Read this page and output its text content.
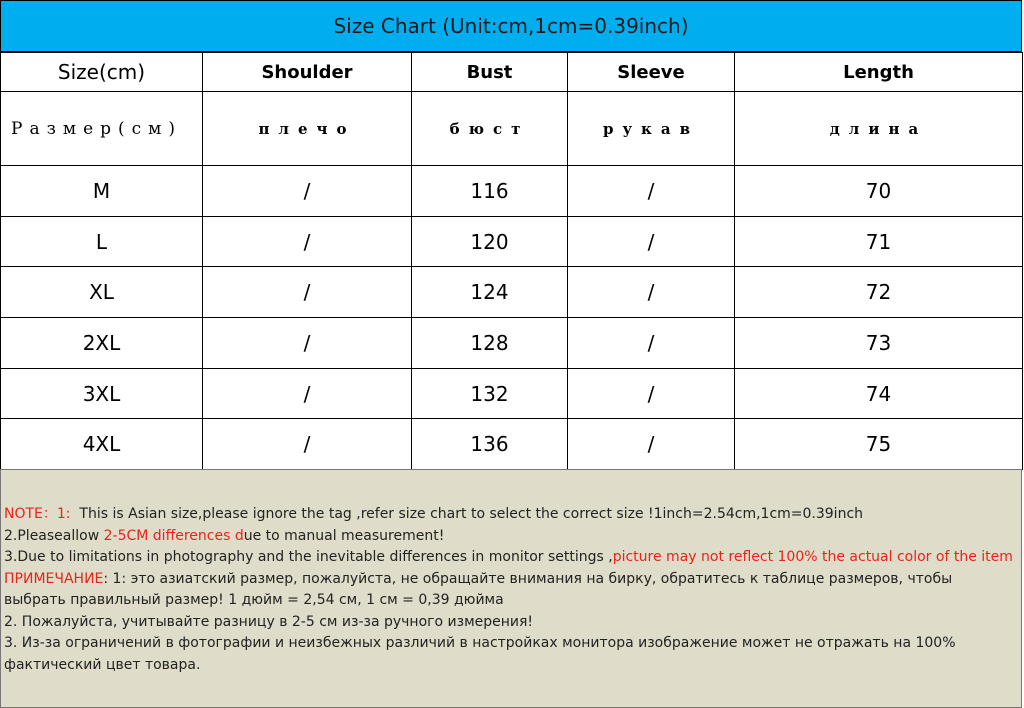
Size Chart (Unit:cm,1cm=0.39inch)
Size(cm)	Shoulder	Bust	Sleeve	Length
Размер(см)	плечо	бюст	рукав	длина
M	/	116	/	70
L	/	120	/	71
XL	/	124	/	72
2XL	/	128	/	73
3XL	/	132	/	74
4XL	/	136	/	75
NOTE：1: This is Asian size,please ignore the tag ,refer size chart to select the correct size !1inch=2.54cm,1cm=0.39inch
2.Pleaseallow 2-5CM differences due to manual measurement!
3.Due to limitations in photography and the inevitable differences in monitor settings ,picture may not reflect 100% the actual color of the item
ПРИМЕЧАНИЕ: 1: это азиатский размер, пожалуйста, не обращайте внимания на бирку, обратитесь к таблице размеров, чтобы выбрать правильный размер! 1 дюйм = 2,54 см, 1 см = 0,39 дюйма
2. Пожалуйста, учитывайте разницу в 2-5 см из-за ручного измерения!
3. Из-за ограничений в фотографии и неизбежных различий в настройках монитора изображение может не отражать на 100% фактический цвет товара.
